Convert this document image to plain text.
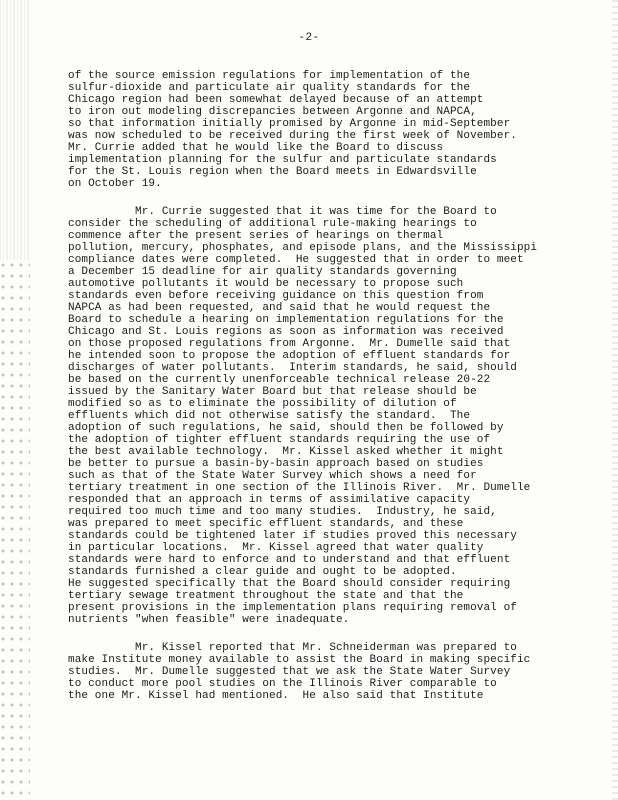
-2-
of the source emission regulations for implementation of the
sulfur-dioxide and particulate air quality standards for the
Chicago region had been somewhat delayed because of an attempt
to iron out modeling discrepancies between Argonne and NAPCA,
so that information initially promised by Argonne in mid-September
was now scheduled to be received during the first week of November.
Mr. Currie added that he would like the Board to discuss
implementation planning for the sulfur and particulate standards
for the St. Louis region when the Board meets in Edwardsville
on October 19.
Mr. Currie suggested that it was time for the Board to
consider the scheduling of additional rule-making hearings to
commence after the present series of hearings on thermal
pollution, mercury, phosphates, and episode plans, and the Mississippi
compliance dates were completed.  He suggested that in order to meet
a December 15 deadline for air quality standards governing
automotive pollutants it would be necessary to propose such
standards even before receiving guidance on this question from
NAPCA as had been requested, and said that he would request the
Board to schedule a hearing on implementation regulations for the
Chicago and St. Louis regions as soon as information was received
on those proposed regulations from Argonne.  Mr. Dumelle said that
he intended soon to propose the adoption of effluent standards for
discharges of water pollutants.  Interim standards, he said, should
be based on the currently unenforceable technical release 20-22
issued by the Sanitary Water Board but that release should be
modified so as to eliminate the possibility of dilution of
effluents which did not otherwise satisfy the standard.  The
adoption of such regulations, he said, should then be followed by
the adoption of tighter effluent standards requiring the use of
the best available technology.  Mr. Kissel asked whether it might
be better to pursue a basin-by-basin approach based on studies
such as that of the State Water Survey which shows a need for
tertiary treatment in one section of the Illinois River.  Mr. Dumelle
responded that an approach in terms of assimilative capacity
required too much time and too many studies.  Industry, he said,
was prepared to meet specific effluent standards, and these
standards could be tightened later if studies proved this necessary
in particular locations.  Mr. Kissel agreed that water quality
standards were hard to enforce and to understand and that effluent
standards furnished a clear guide and ought to be adopted.
He suggested specifically that the Board should consider requiring
tertiary sewage treatment throughout the state and that the
present provisions in the implementation plans requiring removal of
nutrients "when feasible" were inadequate.
Mr. Kissel reported that Mr. Schneiderman was prepared to
make Institute money available to assist the Board in making specific
studies.  Mr. Dumelle suggested that we ask the State Water Survey
to conduct more pool studies on the Illinois River comparable to
the one Mr. Kissel had mentioned.  He also said that Institute
